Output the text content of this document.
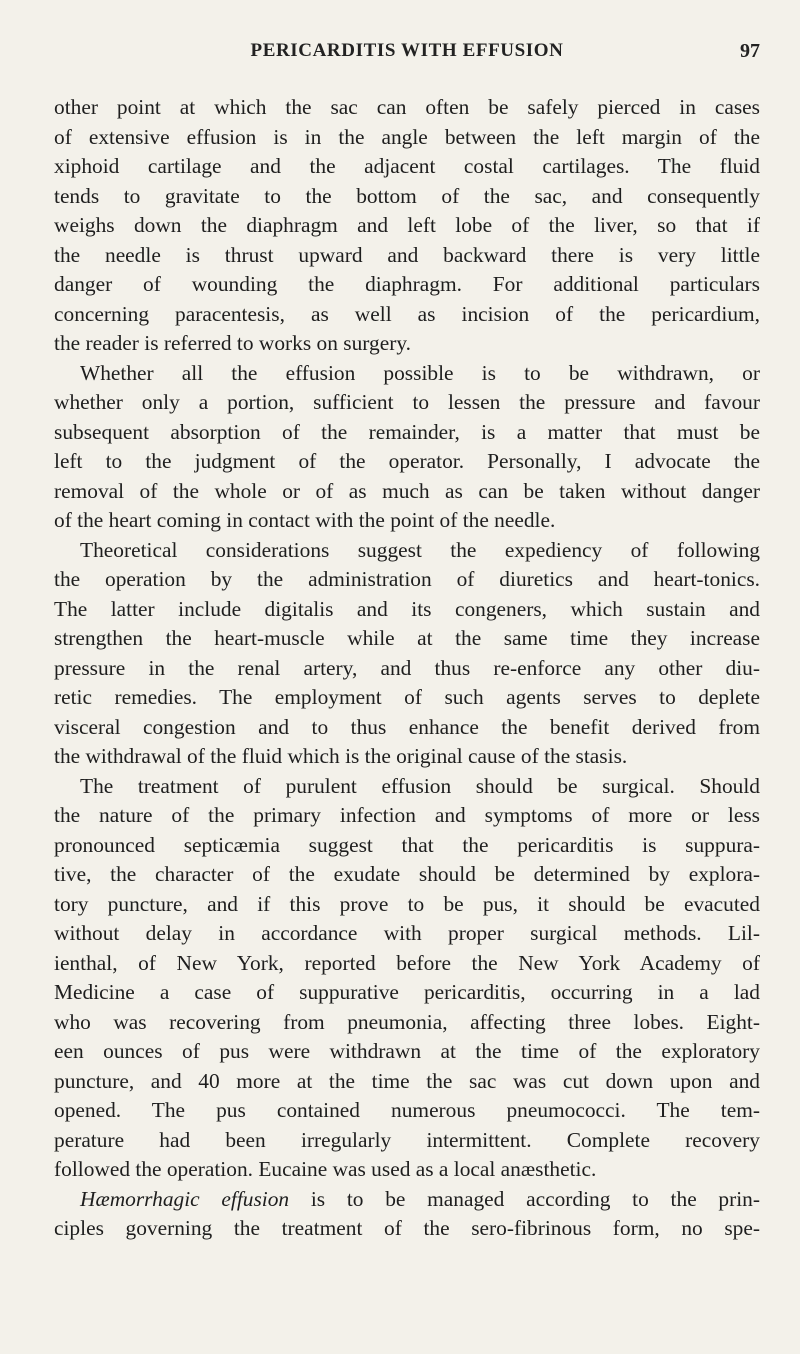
PERICARDITIS WITH EFFUSION	97
other point at which the sac can often be safely pierced in cases
of extensive effusion is in the angle between the left margin of the
xiphoid cartilage and the adjacent costal cartilages. The fluid
tends to gravitate to the bottom of the sac, and consequently
weighs down the diaphragm and left lobe of the liver, so that if
the needle is thrust upward and backward there is very little
danger of wounding the diaphragm. For additional particulars
concerning paracentesis, as well as incision of the pericardium,
the reader is referred to works on surgery.
Whether all the effusion possible is to be withdrawn, or
whether only a portion, sufficient to lessen the pressure and favour
subsequent absorption of the remainder, is a matter that must be
left to the judgment of the operator. Personally, I advocate the
removal of the whole or of as much as can be taken without danger
of the heart coming in contact with the point of the needle.
Theoretical considerations suggest the expediency of following
the operation by the administration of diuretics and heart-tonics.
The latter include digitalis and its congeners, which sustain and
strengthen the heart-muscle while at the same time they increase
pressure in the renal artery, and thus re-enforce any other diu-
retic remedies. The employment of such agents serves to deplete
visceral congestion and to thus enhance the benefit derived from
the withdrawal of the fluid which is the original cause of the stasis.
The treatment of purulent effusion should be surgical. Should
the nature of the primary infection and symptoms of more or less
pronounced septicæmia suggest that the pericarditis is suppura-
tive, the character of the exudate should be determined by explora-
tory puncture, and if this prove to be pus, it should be evacuted
without delay in accordance with proper surgical methods. Lil-
ienthal, of New York, reported before the New York Academy of
Medicine a case of suppurative pericarditis, occurring in a lad
who was recovering from pneumonia, affecting three lobes. Eight-
een ounces of pus were withdrawn at the time of the exploratory
puncture, and 40 more at the time the sac was cut down upon and
opened. The pus contained numerous pneumococci. The tem-
perature had been irregularly intermittent. Complete recovery
followed the operation. Eucaine was used as a local anæsthetic.
Hæmorrhagic effusion is to be managed according to the prin-
ciples governing the treatment of the sero-fibrinous form, no spe-
